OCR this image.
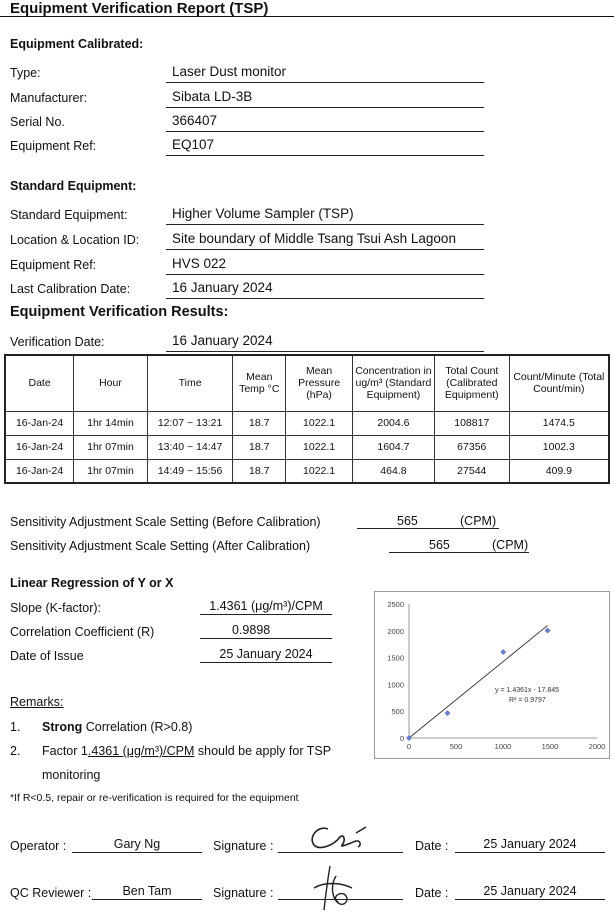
Equipment Verification Report (TSP)
Equipment Calibrated:
Type:	Laser Dust monitor
Manufacturer:	Sibata LD-3B
Serial No.	366407
Equipment Ref:	EQ107
Standard Equipment:
Standard Equipment:	Higher Volume Sampler (TSP)
Location & Location ID:	Site boundary of Middle Tsang Tsui Ash Lagoon
Equipment Ref:	HVS 022
Last Calibration Date:	16 January 2024
Equipment Verification Results:
Verification Date:	16 January 2024
Date	Hour	Time	Mean Temp °C	Mean Pressure (hPa)	Concentration in ug/m³ (Standard Equipment)	Total Count (Calibrated Equipment)	Count/Minute (Total Count/min)
16-Jan-24	1hr 14min	12:07 ~ 13:21	18.7	1022.1	2004.6	108817	1474.5
16-Jan-24	1hr 07min	13:40 ~ 14:47	18.7	1022.1	1604.7	67356	1002.3
16-Jan-24	1hr 07min	14:49 ~ 15:56	18.7	1022.1	464.8	27544	409.9
Sensitivity Adjustment Scale Setting (Before Calibration)	565	(CPM)
Sensitivity Adjustment Scale Setting (After Calibration)	565	(CPM)
Linear Regression of Y or X
Slope (K-factor):	1.4361 (μg/m³)/CPM
Correlation Coefficient (R)	0.9898
Date of Issue	25 January 2024
0
500
1000
1500
2000
2500
0	500	1000	1500	2000
y = 1.4361x - 17.845
R² = 0.9797
Remarks:
1. Strong Correlation (R>0.8)
2. Factor 1.4361 (μg/m³)/CPM should be apply for TSP
monitoring
*If R<0.5, repair or re-verification is required for the equipment
Operator :	Gary Ng	Signature :	Date :	25 January 2024
QC Reviewer :	Ben Tam	Signature :	Date :	25 January 2024
